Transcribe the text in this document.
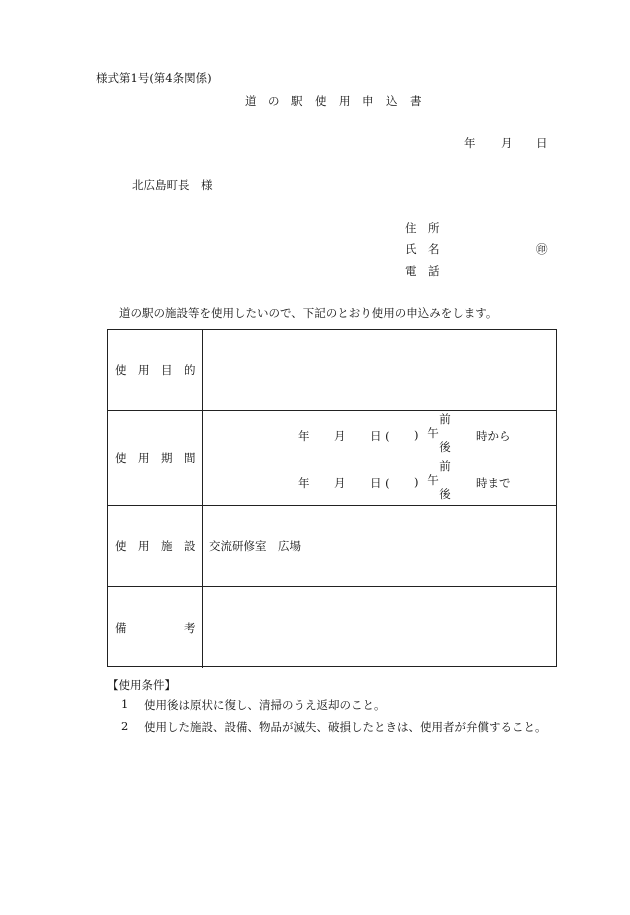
様式第1号(第4条関係)
道 の 駅 使 用 申 込 書
年 月 日
北広島町長　様
住　所
氏　名	㊞
電　話
道の駅の施設等を使用したいので、下記のとおり使用の申込みをします。
使 用 目 的
使 用 期 間
年 月 日 ( )
前
午
後
時から
年 月 日 ( )
前
午
後
時まで
使 用 施 設 交流研修室　広場
備	考
【使用条件】
1 使用後は原状に復し、清掃のうえ返却のこと。
2 使用した施設、設備、物品が滅失、破損したときは、使用者が弁償すること。
